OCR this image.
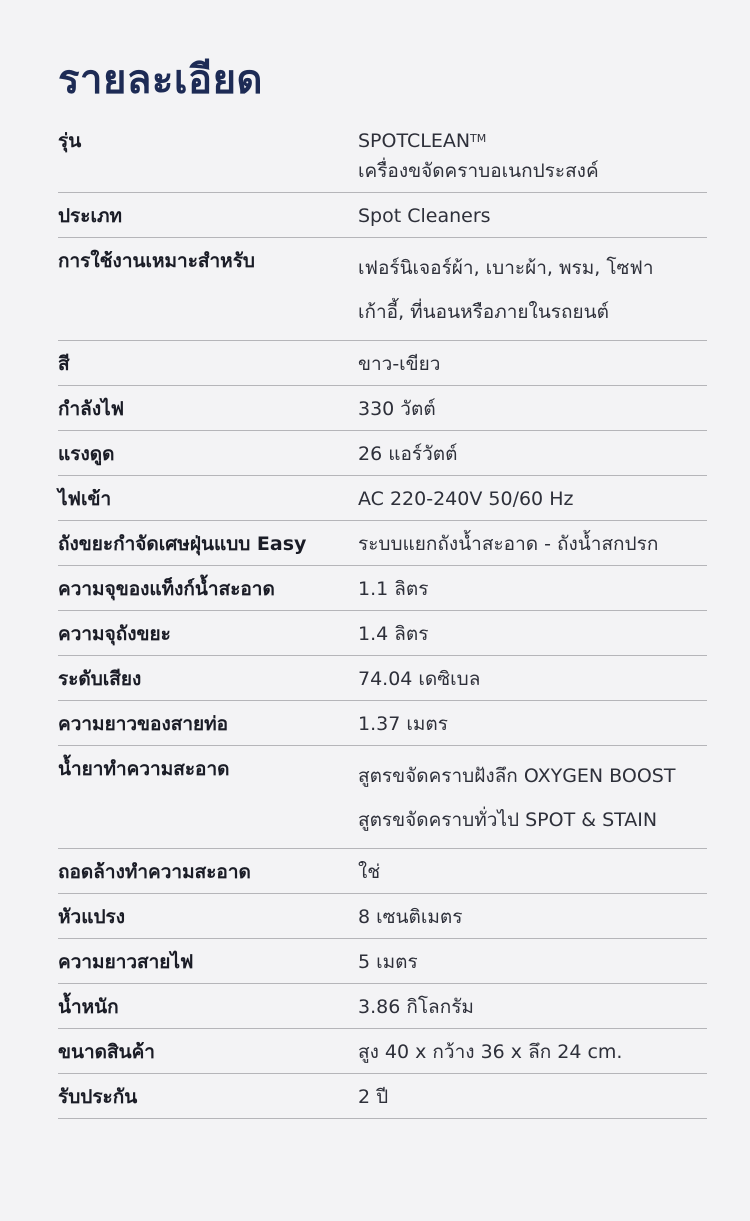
รายละเอียด
รุ่น	SPOTCLEAN™
เครื่องขจัดคราบอเนกประสงค์
ประเภท	Spot Cleaners
การใช้งานเหมาะสำหรับ	เฟอร์นิเจอร์ผ้า, เบาะผ้า, พรม, โซฟา
เก้าอี้, ที่นอนหรือภายในรถยนต์
สี	ขาว-เขียว
กำลังไฟ	330 วัตต์
แรงดูด	26 แอร์วัตต์
ไฟเข้า	AC 220-240V 50/60 Hz
ถังขยะกำจัดเศษฝุ่นแบบ Easy	ระบบแยกถังน้ำสะอาด - ถังน้ำสกปรก
ความจุของแท็งก์น้ำสะอาด	1.1 ลิตร
ความจุถังขยะ	1.4 ลิตร
ระดับเสียง	74.04 เดซิเบล
ความยาวของสายท่อ	1.37 เมตร
น้ำยาทำความสะอาด	สูตรขจัดคราบฝังลึก OXYGEN BOOST
สูตรขจัดคราบทั่วไป SPOT & STAIN
ถอดล้างทำความสะอาด	ใช่
หัวแปรง	8 เซนติเมตร
ความยาวสายไฟ	5 เมตร
น้ำหนัก	3.86 กิโลกรัม
ขนาดสินค้า	สูง 40 x กว้าง 36 x ลึก 24 cm.
รับประกัน	2 ปี
